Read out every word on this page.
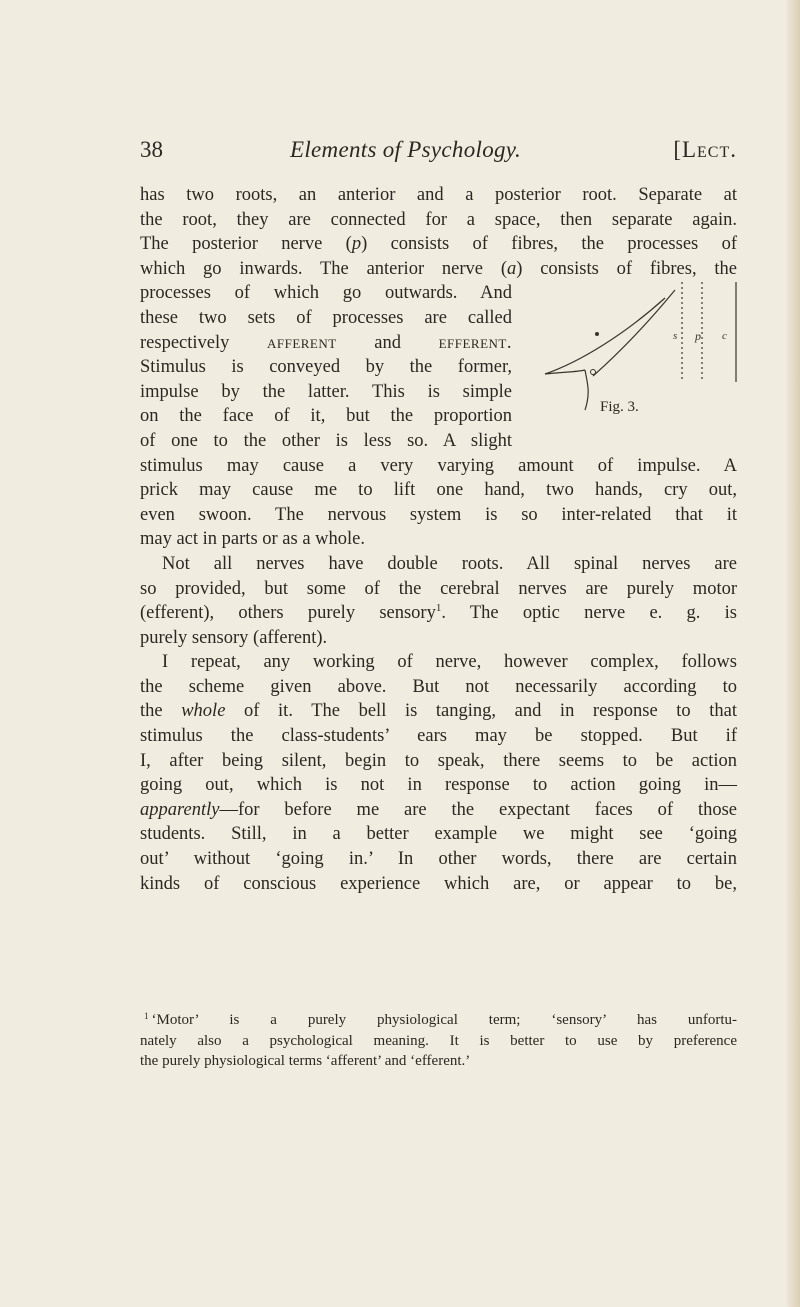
38	Elements of Psychology.	[Lect.
has two roots, an anterior and a posterior root. Separate at
the root, they are connected for a space, then separate again.
The posterior nerve (p) consists of fibres, the processes of
which go inwards. The anterior nerve (a) consists of fibres, the
processes of which go outwards. And
these two sets of processes are called
respectively afferent and efferent.
Stimulus is conveyed by the former,
impulse by the latter. This is simple
on the face of it, but the proportion
of one to the other is less so. A slight
stimulus may cause a very varying amount of impulse. A
prick may cause me to lift one hand, two hands, cry out,
even swoon. The nervous system is so inter-related that it
may act in parts or as a whole.
Not all nerves have double roots. All spinal nerves are
so provided, but some of the cerebral nerves are purely motor
(efferent), others purely sensory$^1$. The optic nerve e. g. is
purely sensory (afferent).
I repeat, any working of nerve, however complex, follows
the scheme given above. But not necessarily according to
the whole of it. The bell is tanging, and in response to that
stimulus the class-students’ ears may be stopped. But if
I, after being silent, begin to speak, there seems to be action
going out, which is not in response to action going in—
apparently—for before me are the expectant faces of those
students. Still, in a better example we might see ‘going
out’ without ‘going in.’ In other words, there are certain
kinds of conscious experience which are, or appear to be,
s p c
Fig. 3.
$^1$ ‘Motor’ is a purely physiological term; ‘sensory’ has unfortu-
nately also a psychological meaning. It is better to use by preference
the purely physiological terms ‘afferent’ and ‘efferent.’
